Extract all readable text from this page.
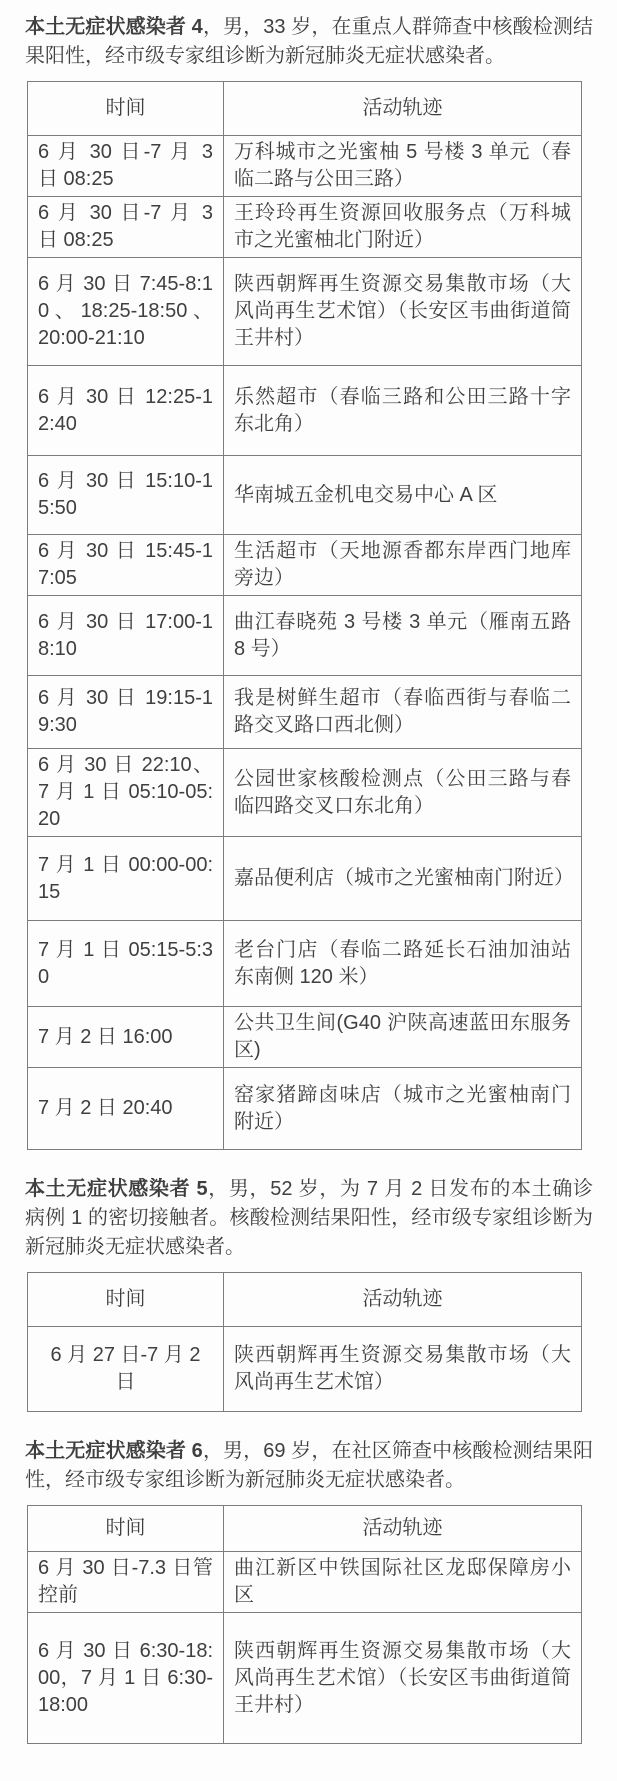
本土无症状感染者 4，男，33 岁，在重点人群筛查中核酸检测结果阳性，经市级专家组诊断为新冠肺炎无症状感染者。

时间	活动轨迹
6 月 30 日-7 月 3 日 08:25	万科城市之光蜜柚 5 号楼 3 单元（春临二路与公田三路）
6 月 30 日-7 月 3 日 08:25	王玲玲再生资源回收服务点（万科城市之光蜜柚北门附近）
6 月 30 日 7:45-8:10 、 18:25-18:50 、 20:00-21:10	陕西朝辉再生资源交易集散市场（大风尚再生艺术馆）（长安区韦曲街道简王井村）
6 月 30 日 12:25-12:40	乐然超市（春临三路和公田三路十字东北角）
6 月 30 日 15:10-15:50	华南城五金机电交易中心 A 区
6 月 30 日 15:45-17:05	生活超市（天地源香都东岸西门地库旁边）
6 月 30 日 17:00-18:10	曲江春晓苑 3 号楼 3 单元（雁南五路 8 号）
6 月 30 日 19:15-19:30	我是树鲜生超市（春临西街与春临二路交叉路口西北侧）
6 月 30 日 22:10、7 月 1 日 05:10-05:20	公园世家核酸检测点（公田三路与春临四路交叉口东北角）
7 月 1 日 00:00-00:15	嘉品便利店（城市之光蜜柚南门附近）
7 月 1 日 05:15-5:30	老台门店（春临二路延长石油加油站东南侧 120 米）
7 月 2 日 16:00	公共卫生间(G40 沪陕高速蓝田东服务区)
7 月 2 日 20:40	窑家猪蹄卤味店（城市之光蜜柚南门附近）

本土无症状感染者 5，男，52 岁，为 7 月 2 日发布的本土确诊病例 1 的密切接触者。核酸检测结果阳性，经市级专家组诊断为新冠肺炎无症状感染者。

时间	活动轨迹
6 月 27 日-7 月 2 日	陕西朝辉再生资源交易集散市场（大风尚再生艺术馆）

本土无症状感染者 6，男，69 岁，在社区筛查中核酸检测结果阳性，经市级专家组诊断为新冠肺炎无症状感染者。

时间	活动轨迹
6 月 30 日-7.3 日管控前	曲江新区中铁国际社区龙邸保障房小区
6 月 30 日 6:30-18:00，7 月 1 日 6:30-18:00	陕西朝辉再生资源交易集散市场（大风尚再生艺术馆）（长安区韦曲街道简王井村）
